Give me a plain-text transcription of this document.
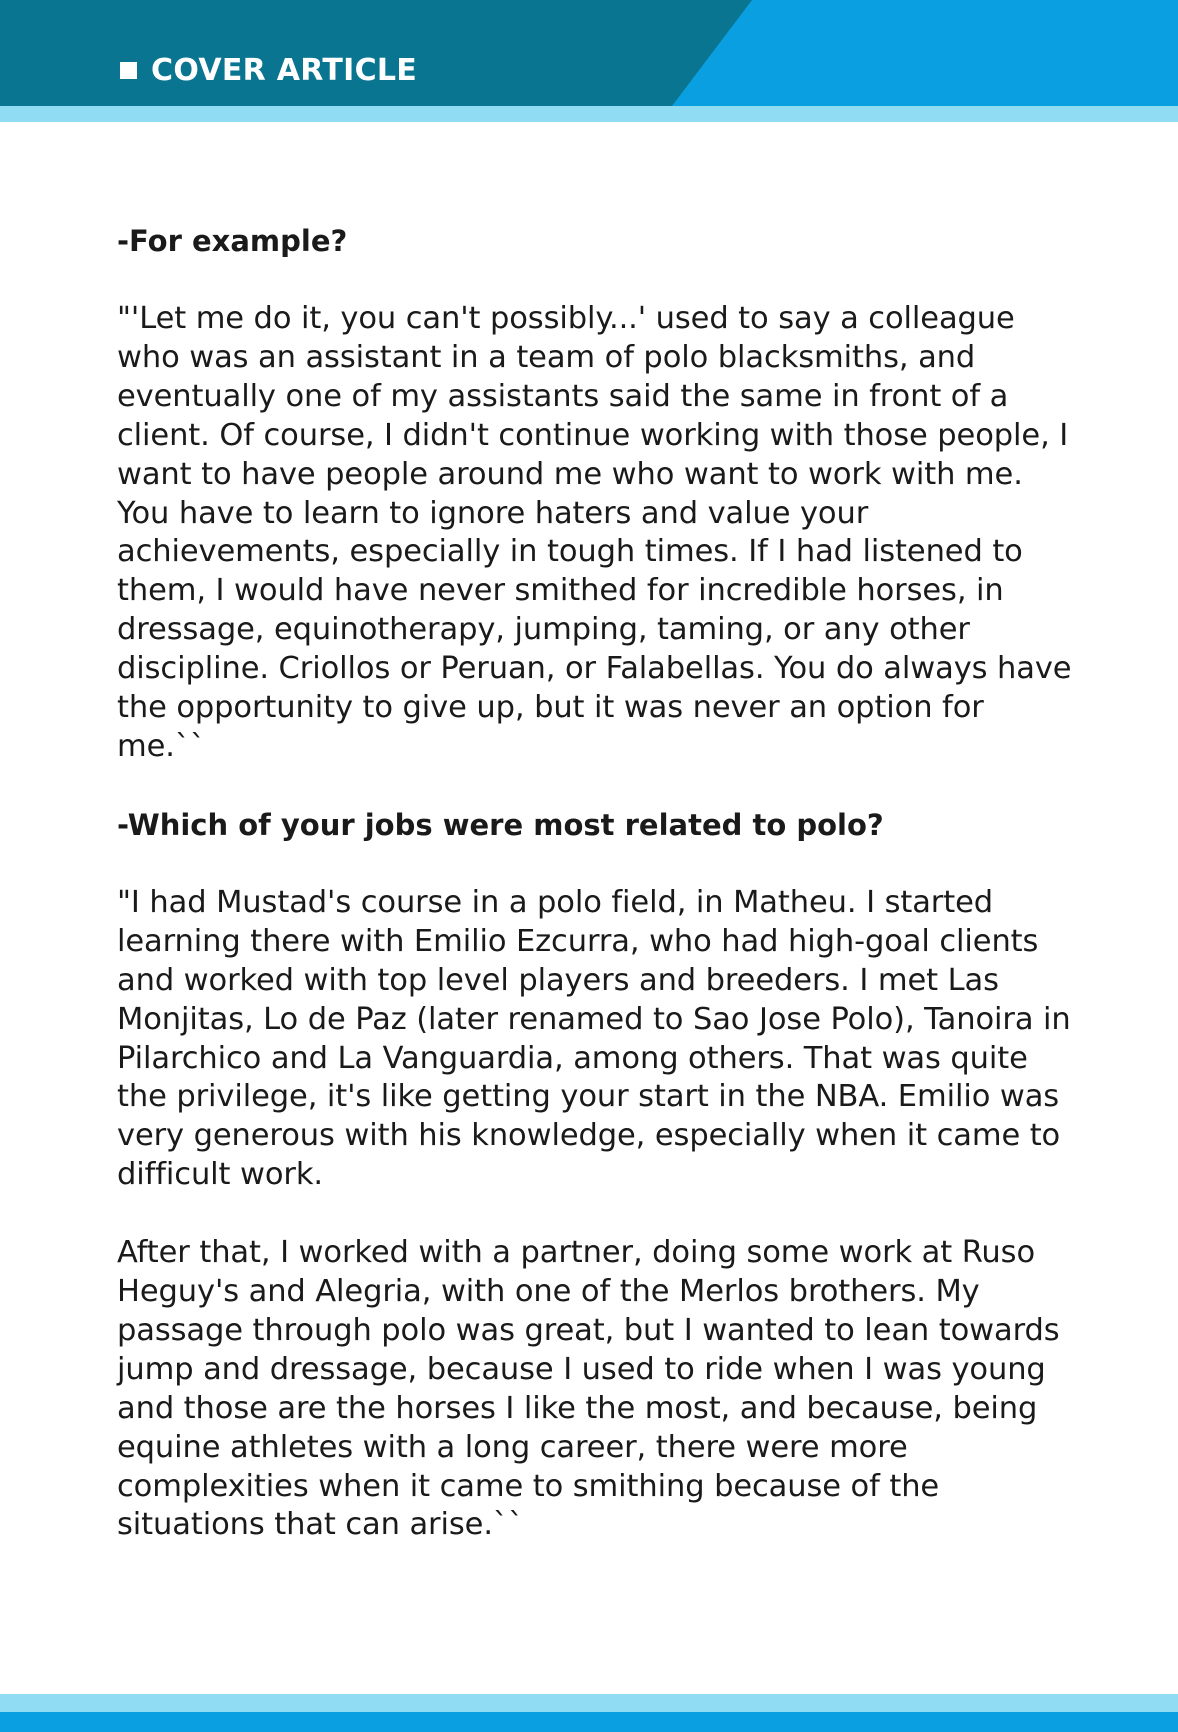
COVER ARTICLE

-For example?

"'Let me do it, you can't possibly...' used to say a colleague who was an assistant in a team of polo blacksmiths, and eventually one of my assistants said the same in front of a client. Of course, I didn't continue working with those people, I want to have people around me who want to work with me. You have to learn to ignore haters and value your achievements, especially in tough times. If I had listened to them, I would have never smithed for incredible horses, in dressage, equinotherapy, jumping, taming, or any other discipline. Criollos or Peruan, or Falabellas. You do always have the opportunity to give up, but it was never an option for me.``

-Which of your jobs were most related to polo?

"I had Mustad's course in a polo field, in Matheu. I started learning there with Emilio Ezcurra, who had high-goal clients and worked with top level players and breeders. I met Las Monjitas, Lo de Paz (later renamed to Sao Jose Polo), Tanoira in Pilarchico and La Vanguardia, among others. That was quite the privilege, it's like getting your start in the NBA. Emilio was very generous with his knowledge, especially when it came to difficult work.

After that, I worked with a partner, doing some work at Ruso Heguy's and Alegria, with one of the Merlos brothers. My passage through polo was great, but I wanted to lean towards jump and dressage, because I used to ride when I was young and those are the horses I like the most, and because, being equine athletes with a long career, there were more complexities when it came to smithing because of the situations that can arise.``
